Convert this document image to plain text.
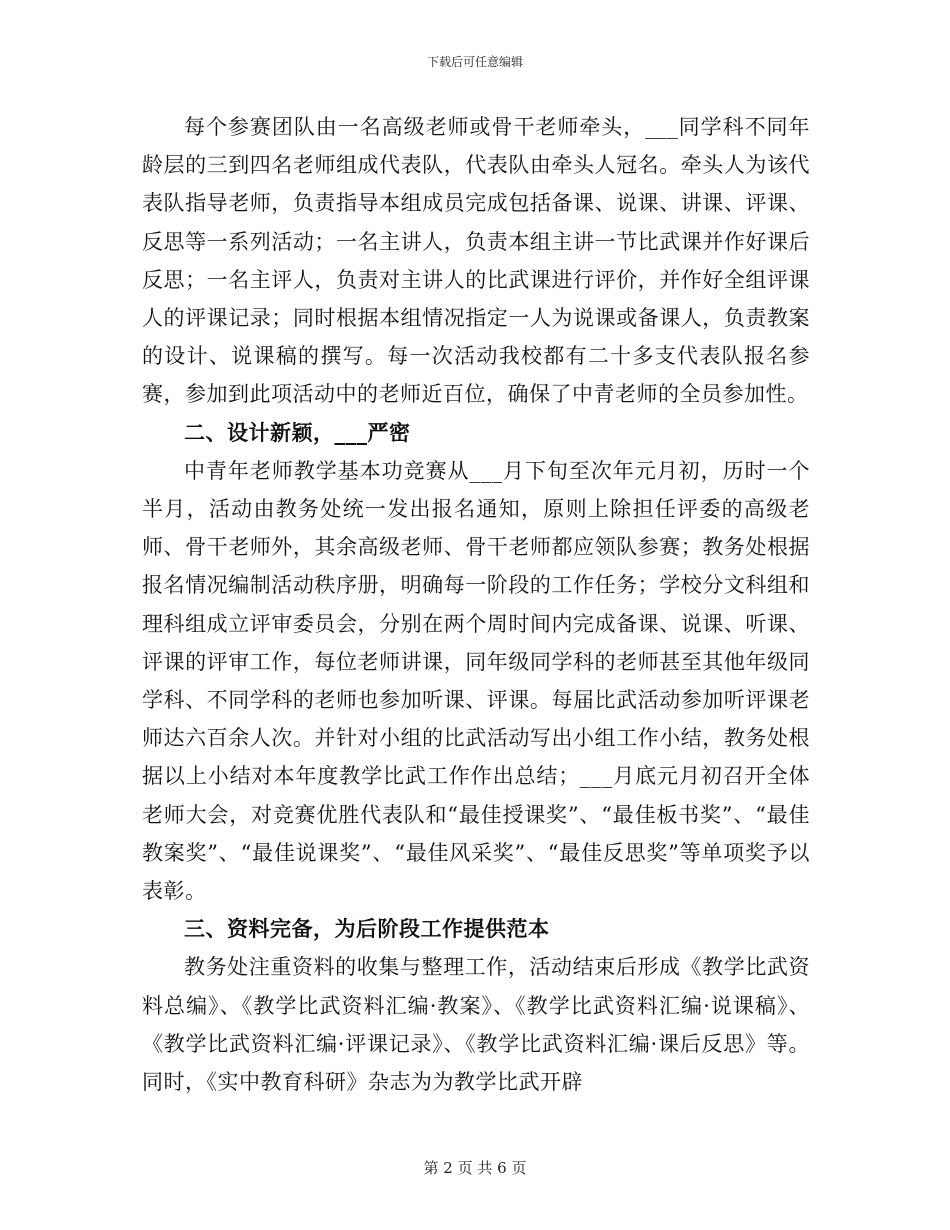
下载后可任意编辑

每个参赛团队由一名高级老师或骨干老师牵头，___同学科不同年龄层的三到四名老师组成代表队，代表队由牵头人冠名。牵头人为该代表队指导老师，负责指导本组成员完成包括备课、说课、讲课、评课、反思等一系列活动；一名主讲人，负责本组主讲一节比武课并作好课后反思；一名主评人，负责对主讲人的比武课进行评价，并作好全组评课人的评课记录；同时根据本组情况指定一人为说课或备课人，负责教案的设计、说课稿的撰写。每一次活动我校都有二十多支代表队报名参赛，参加到此项活动中的老师近百位，确保了中青老师的全员参加性。

二、设计新颖，___严密

中青年老师教学基本功竞赛从___月下旬至次年元月初，历时一个半月，活动由教务处统一发出报名通知，原则上除担任评委的高级老师、骨干老师外，其余高级老师、骨干老师都应领队参赛；教务处根据报名情况编制活动秩序册，明确每一阶段的工作任务；学校分文科组和理科组成立评审委员会，分别在两个周时间内完成备课、说课、听课、评课的评审工作，每位老师讲课，同年级同学科的老师甚至其他年级同学科、不同学科的老师也参加听课、评课。每届比武活动参加听评课老师达六百余人次。并针对小组的比武活动写出小组工作小结，教务处根据以上小结对本年度教学比武工作作出总结；___月底元月初召开全体老师大会，对竞赛优胜代表队和“最佳授课奖”、“最佳板书奖”、“最佳教案奖”、“最佳说课奖”、“最佳风采奖”、“最佳反思奖”等单项奖予以表彰。

三、资料完备，为后阶段工作提供范本

教务处注重资料的收集与整理工作，活动结束后形成《教学比武资料总编》、《教学比武资料汇编·教案》、《教学比武资料汇编·说课稿》、《教学比武资料汇编·评课记录》、《教学比武资料汇编·课后反思》等。同时，《实中教育科研》杂志为为教学比武开辟

第 2 页 共 6 页
